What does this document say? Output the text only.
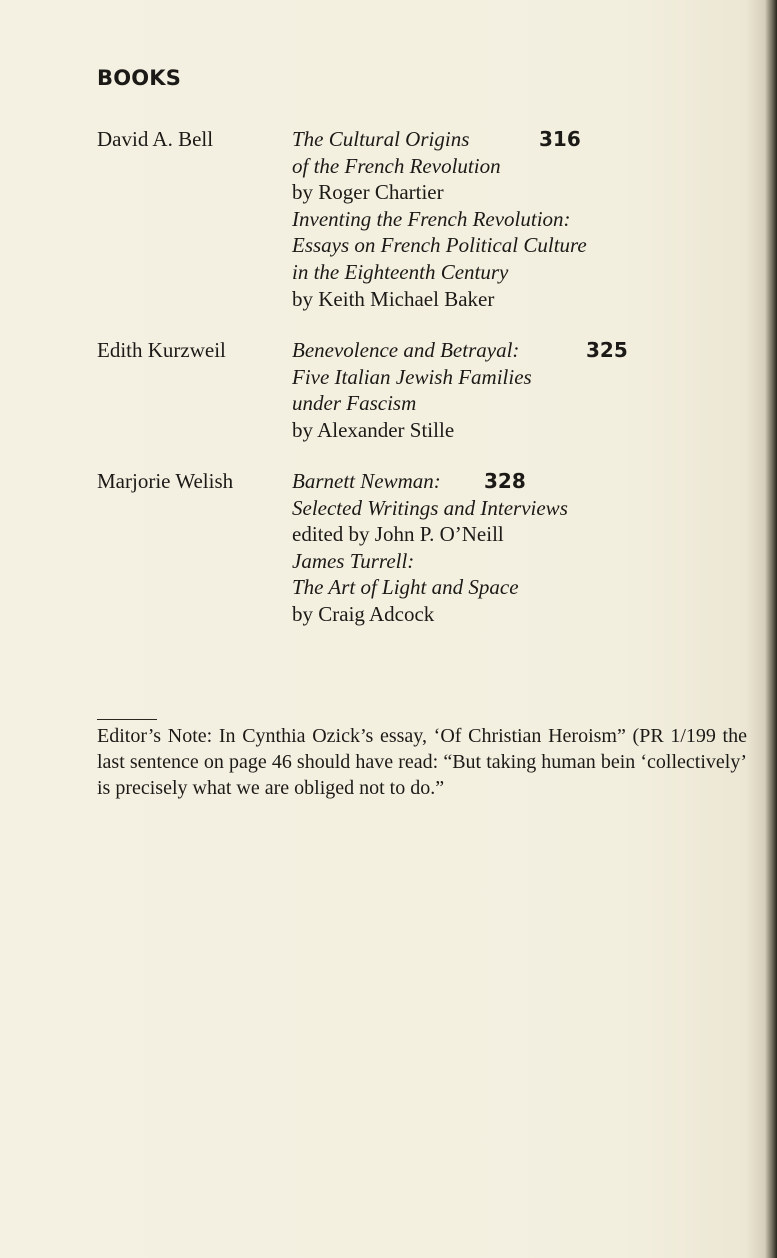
BOOKS
David A. Bell	The Cultural Origins
of the French Revolution
by Roger Chartier
Inventing the French Revolution:
Essays on French Political Culture
in the Eighteenth Century
by Keith Michael Baker
316
Edith Kurzweil	Benevolence and Betrayal:
Five Italian Jewish Families
under Fascism
by Alexander Stille
325
Marjorie Welish	Barnett Newman:
Selected Writings and Interviews
edited by John P. O’Neill
James Turrell:
The Art of Light and Space
by Craig Adcock
328

Editor’s Note: In Cynthia Ozick’s essay, ‘Of Christian Heroism” (PR 1/199 the last sentence on page 46 should have read: “But taking human bein ‘collectively’ is precisely what we are obliged not to do.”
